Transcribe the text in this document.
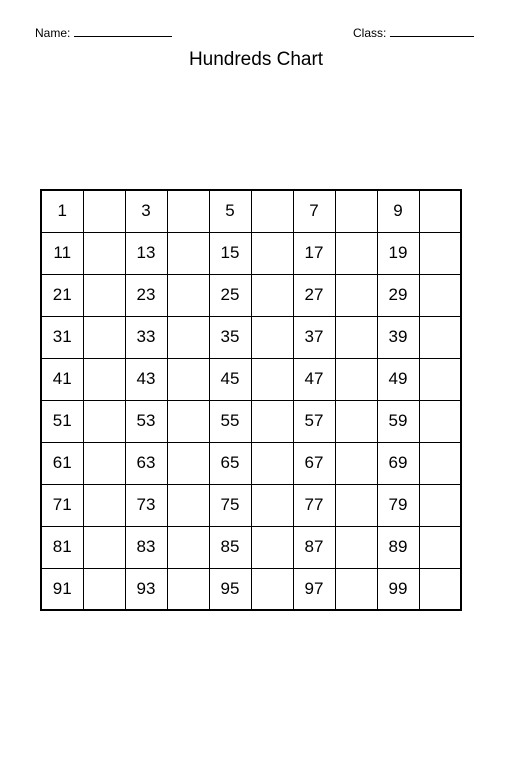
Name:	Class:
Hundreds Chart
1		3		5		7		9	
11		13		15		17		19	
21		23		25		27		29	
31		33		35		37		39	
41		43		45		47		49	
51		53		55		57		59	
61		63		65		67		69	
71		73		75		77		79	
81		83		85		87		89	
91		93		95		97		99	
